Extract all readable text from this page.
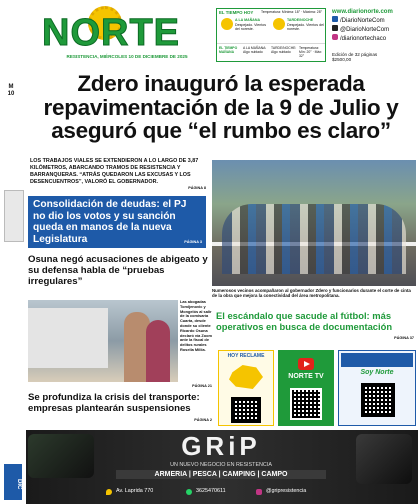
NORTE
RESISTENCIA, MIÉRCOLES 10 DE DICIEMBRE DE 2025
EL TIEMPO HOY Temperatura: Mínima: 18° · Máxima: 28°
A LA MAÑANA
Despejado. Vientos del noreste.
TARDE/NOCHE
Despejado. Vientos del noreste.
EL TIEMPO MAÑANA
A LA MAÑANA: Algo nublado
TARDE/NOCHE: Algo nublado
Temperatura: Mín: 20° · Máx: 32°
www.diarionorte.com
/DiarioNorteCom
@DiarioNorteCom
/diarionortechaco
Edición de 32 páginas
$2500,00
M
10	Zdero inauguró la esperada repavimentación de la 9 de Julio y aseguró que “el rumbo es claro”
LOS TRABAJOS VIALES SE EXTENDIERON A LO LARGO DE 3,87 KILÓMETROS, ABARCANDO TRAMOS DE RESISTENCIA Y BARRANQUERAS. “ATRÁS QUEDARON LAS EXCUSAS Y LOS DESENCUENTROS”, VALORÓ EL GOBERNADOR.
PÁGINA 8
Numerosos vecinos acompañaron al gobernador Zdero y funcionarios durante el corte de cinta de la obra que mejora la conectividad del área metropolitana.
Consolidación de deudas: el PJ no dio los votos y su sanción queda en manos de la nueva Legislatura	PÁGINA 3
Osuna negó acusaciones de abigeato y su defensa habla de “pruebas irregulares”
Las abogadas Tomljenovic y Mongelós al salir de la comisaría Cuarta, desde donde su cliente Ricardo Osuna declaró vía Zoom ante la fiscal de delitos rurales Rosella Millia.
PÁGINA 21
Se profundiza la crisis del transporte: empresas plantearán suspensiones
PÁGINA 2
El escándalo que sacude al fútbol: más operativos en busca de documentación
PÁGINA 37
HOY RECLAME
NORTE TV
Soy Norte
GRiP
UN NUEVO NEGOCIO EN RESISTENCIA
ARMERIA | PESCA | CAMPING | CAMPO
Av. Laprida 770	3625470611	@gripresistencia
DIC
